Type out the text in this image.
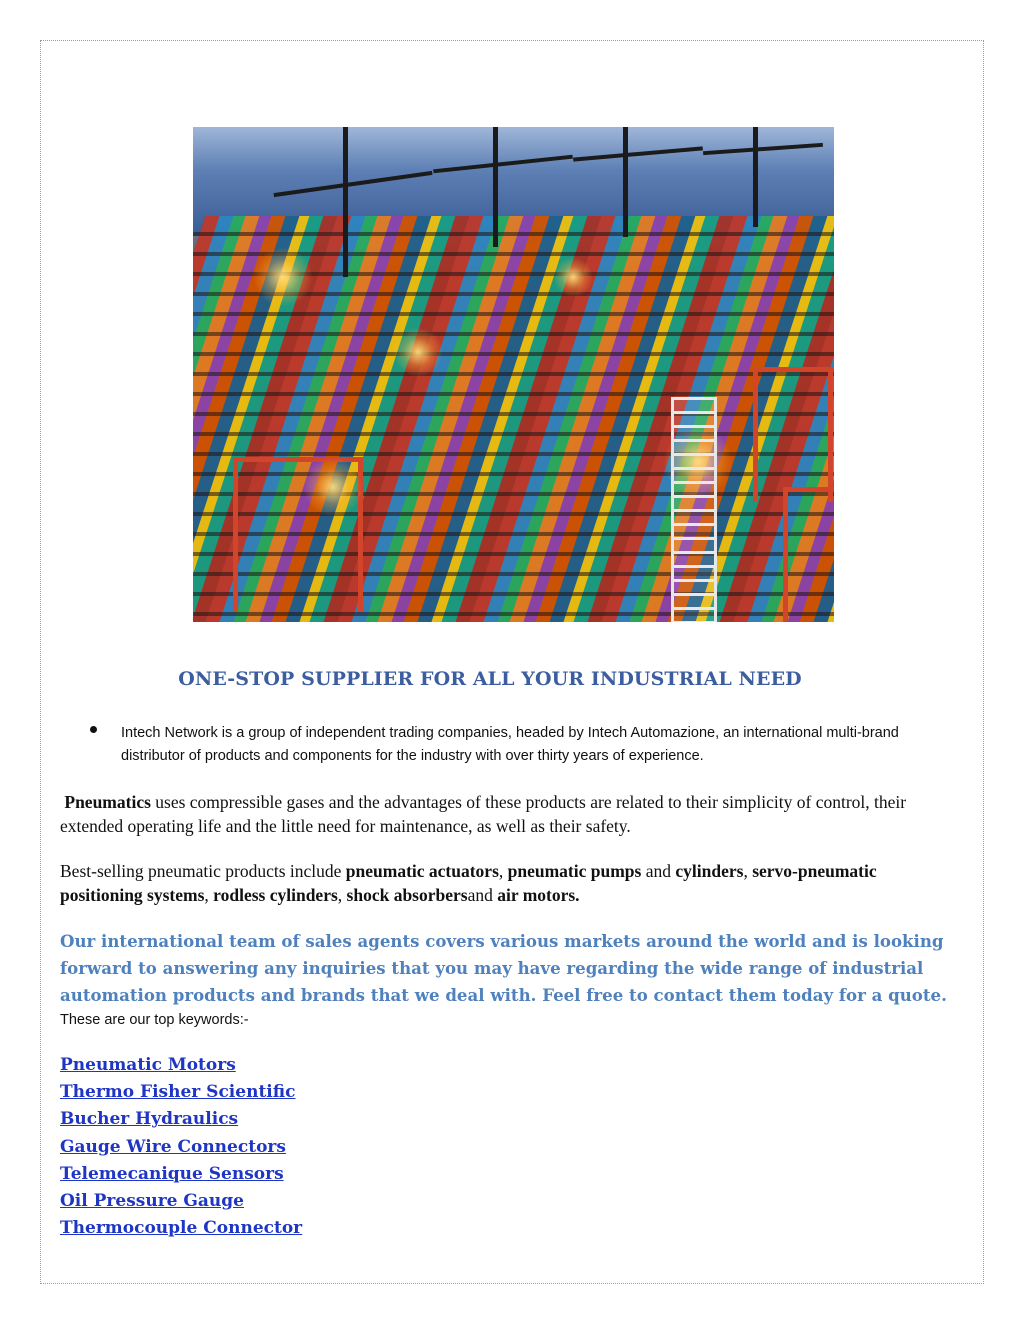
ONE-STOP SUPPLIER FOR ALL YOUR INDUSTRIAL NEED
Intech Network is a group of independent trading companies, headed by Intech Automazione, an international multi-brand distributor of products and components for the industry with over thirty years of experience.
Pneumatics uses compressible gases and the advantages of these products are related to their simplicity of control, their extended operating life and the little need for maintenance, as well as their safety.
Best-selling pneumatic products include pneumatic actuators, pneumatic pumps and cylinders, servo-pneumatic positioning systems, rodless cylinders, shock absorbersand air motors.
Our international team of sales agents covers various markets around the world and is looking forward to answering any inquiries that you may have regarding the wide range of industrial automation products and brands that we deal with. Feel free to contact them today for a quote.
These are our top keywords:-
Pneumatic Motors
Thermo Fisher Scientific
Bucher Hydraulics
Gauge Wire Connectors
Telemecanique Sensors
Oil Pressure Gauge
Thermocouple Connector
